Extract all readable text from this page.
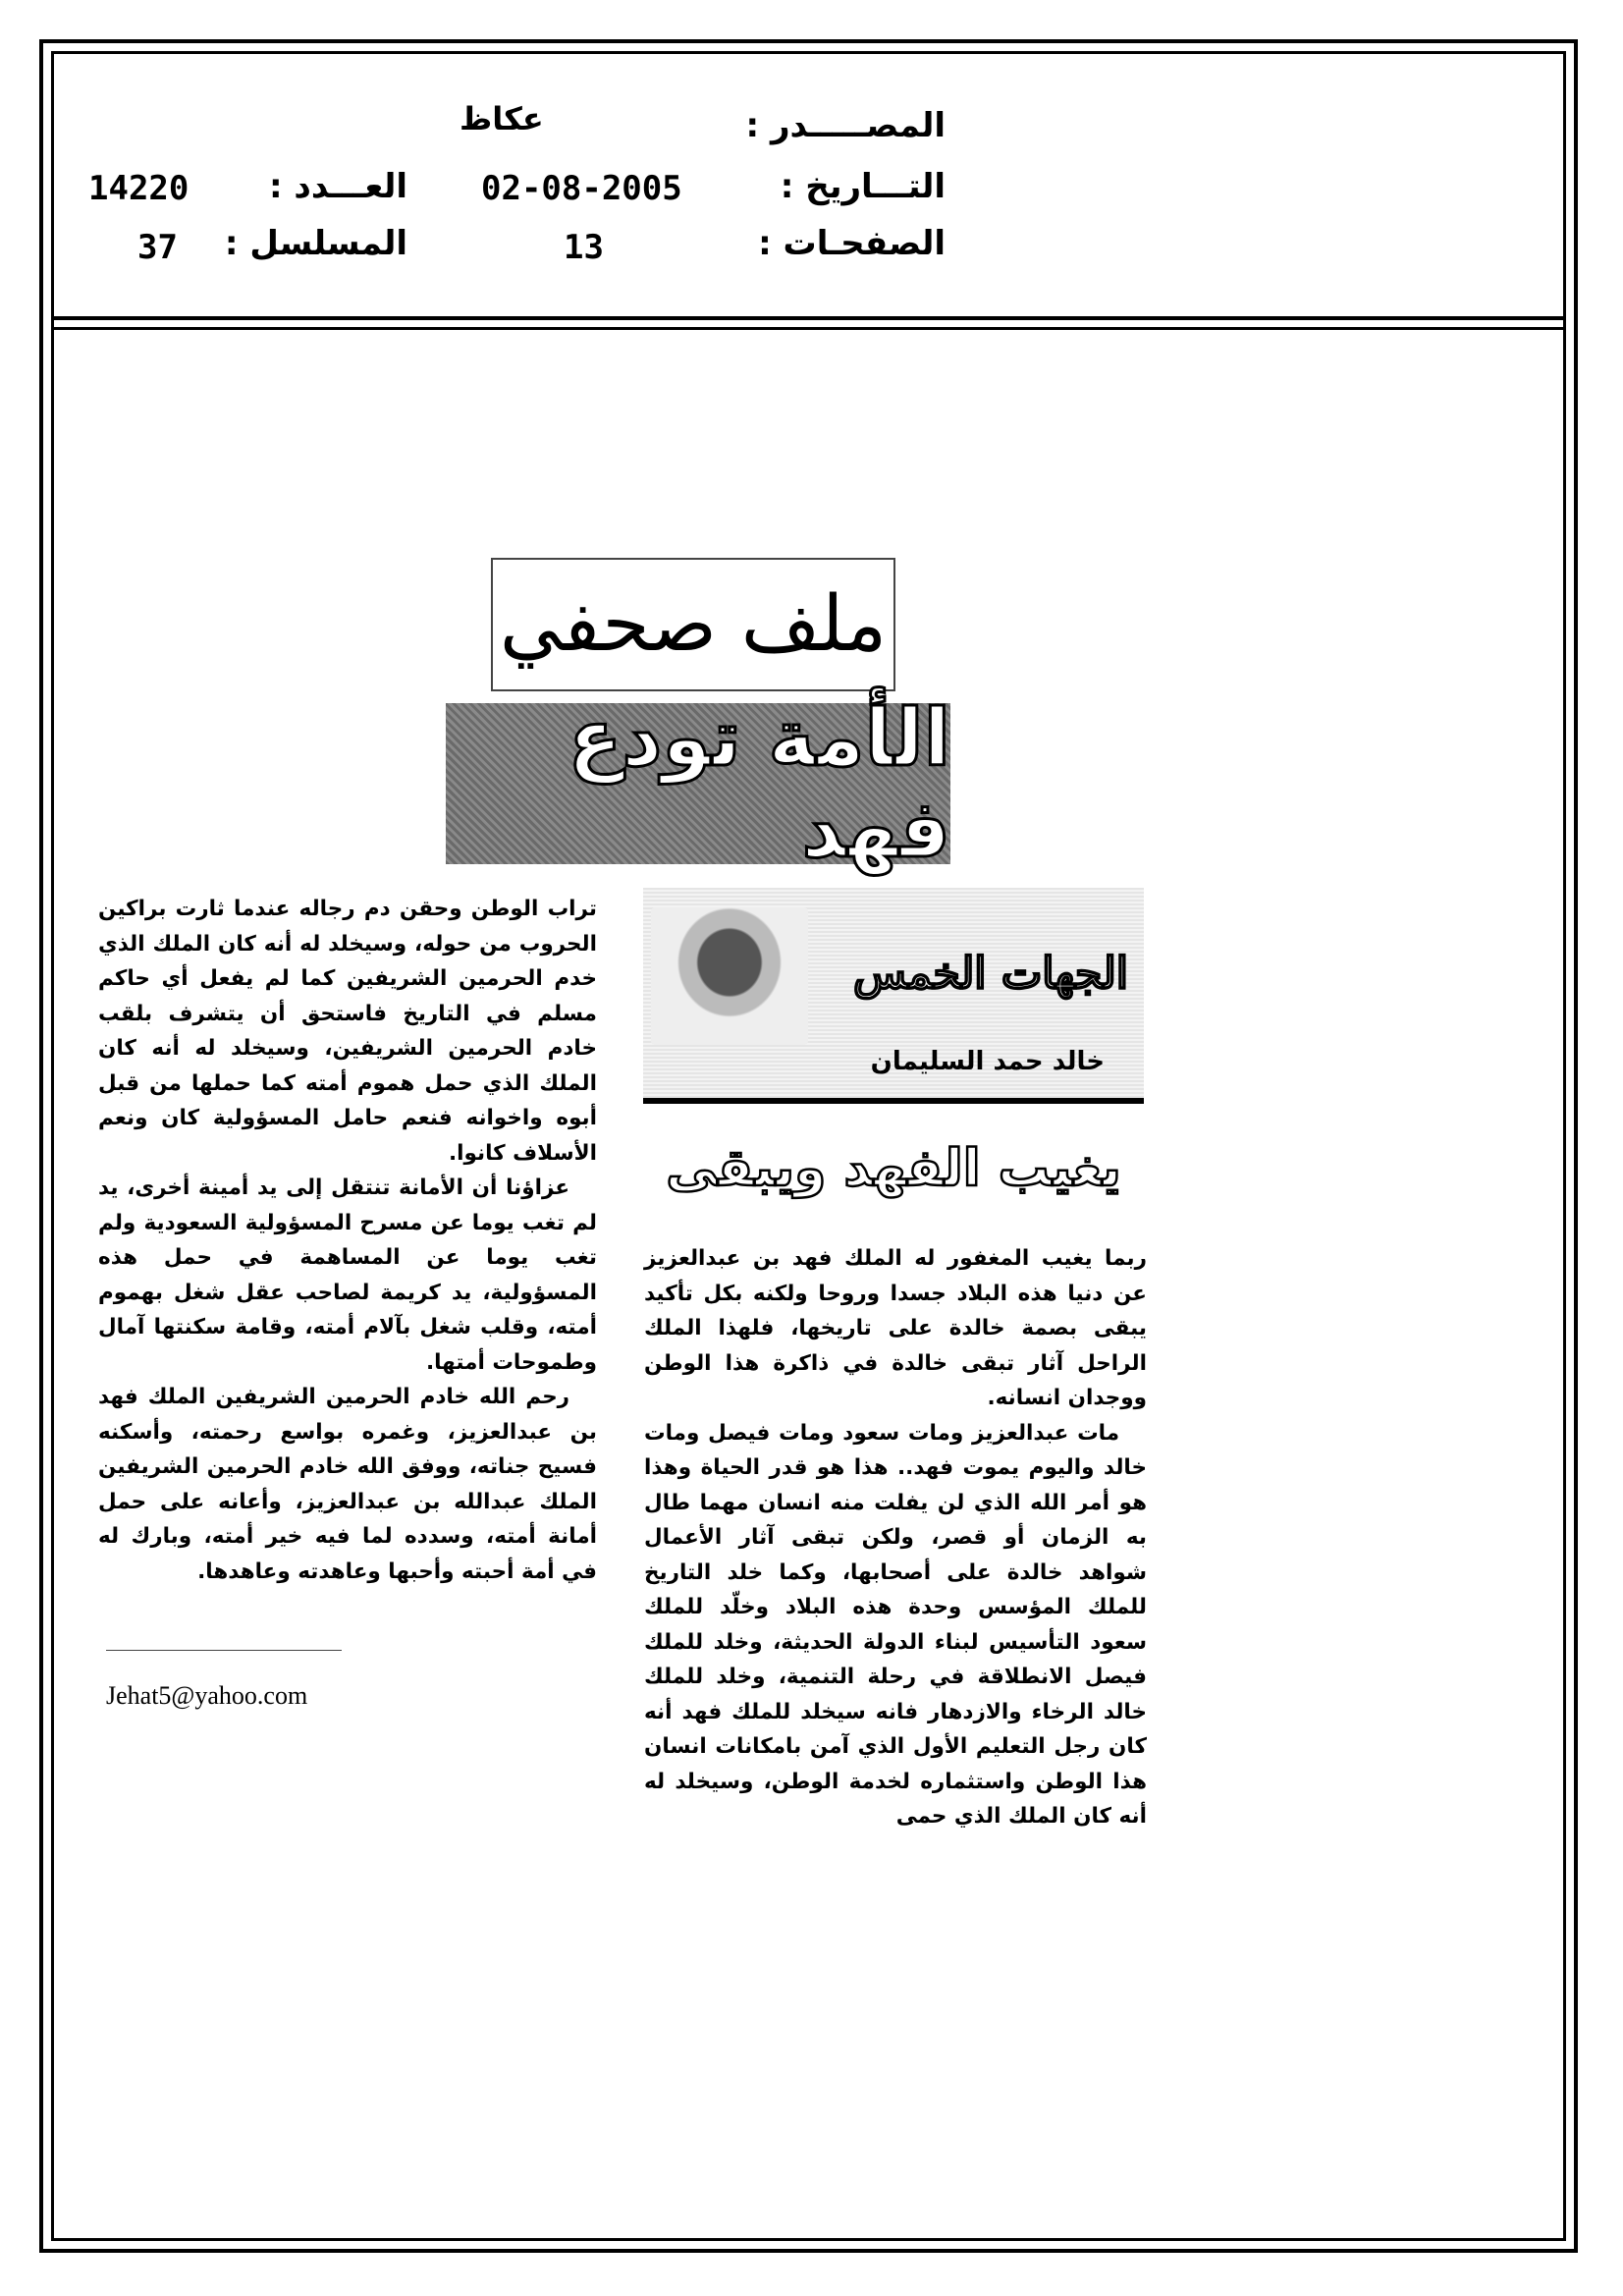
المصـــــدر :
عكاظ
التـــاريخ :
02-08-2005
العـــدد :
14220
الصفحـات :
13
المسلسل :
37
ملف صحفي
الأمة تودع فهد
الجهات الخمس
خالد حمد السليمان
يغيب الفهد ويبقى

ربما يغيب المغفور له الملك فهد بن عبدالعزيز عن دنيا هذه البلاد جسدا وروحا ولكنه بكل تأكيد يبقى بصمة خالدة على تاريخها، فلهذا الملك الراحل آثار تبقى خالدة في ذاكرة هذا الوطن ووجدان انسانه.

مات عبدالعزيز ومات سعود ومات فيصل ومات خالد واليوم يموت فهد.. هذا هو قدر الحياة وهذا هو أمر الله الذي لن يفلت منه انسان مهما طال به الزمان أو قصر، ولكن تبقى آثار الأعمال شواهد خالدة على أصحابها، وكما خلد التاريخ للملك المؤسس وحدة هذه البلاد وخلّد للملك سعود التأسيس لبناء الدولة الحديثة، وخلد للملك فيصل الانطلاقة في رحلة التنمية، وخلد للملك خالد الرخاء والازدهار فانه سيخلد للملك فهد أنه كان رجل التعليم الأول الذي آمن بامكانات انسان هذا الوطن واستثماره لخدمة الوطن، وسيخلد له أنه كان الملك الذي حمى

تراب الوطن وحقن دم رجاله عندما ثارت براكين الحروب من حوله، وسيخلد له أنه كان الملك الذي خدم الحرمين الشريفين كما لم يفعل أي حاكم مسلم في التاريخ فاستحق أن يتشرف بلقب خادم الحرمين الشريفين، وسيخلد له أنه كان الملك الذي حمل هموم أمته كما حملها من قبل أبوه واخوانه فنعم حامل المسؤولية كان ونعم الأسلاف كانوا.

عزاؤنا أن الأمانة تنتقل إلى يد أمينة أخرى، يد لم تغب يوما عن مسرح المسؤولية السعودية ولم تغب يوما عن المساهمة في حمل هذه المسؤولية، يد كريمة لصاحب عقل شغل بهموم أمته، وقلب شغل بآلام أمته، وقامة سكنتها آمال وطموحات أمتها.

رحم الله خادم الحرمين الشريفين الملك فهد بن عبدالعزيز، وغمره بواسع رحمته، وأسكنه فسيح جناته، ووفق الله خادم الحرمين الشريفين الملك عبدالله بن عبدالعزيز، وأعانه على حمل أمانة أمته، وسدده لما فيه خير أمته، وبارك له في أمة أحبته وأحبها وعاهدته وعاهدها.

Jehat5@yahoo.com
